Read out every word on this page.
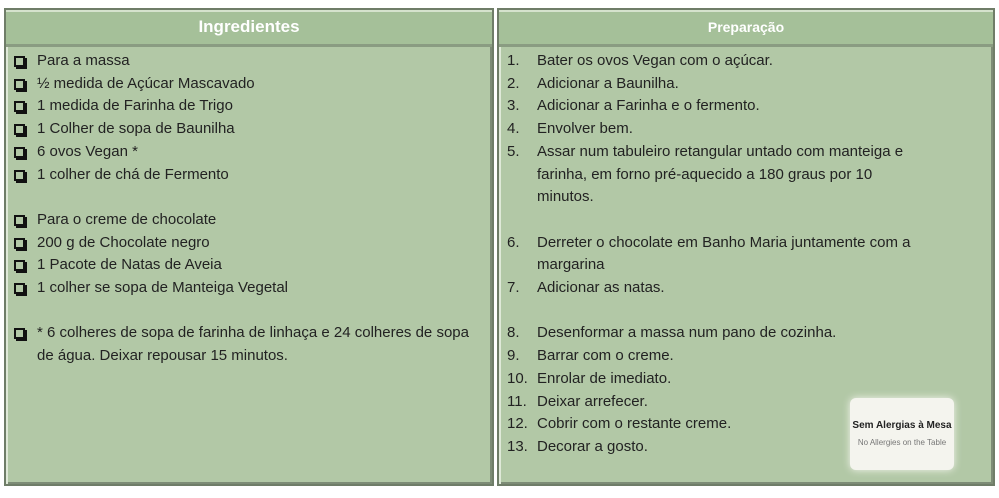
Ingredientes
Para a massa
½ medida de Açúcar Mascavado
1 medida de Farinha de Trigo
1 Colher de sopa de Baunilha
6 ovos Vegan *
1 colher de chá de Fermento
Para o creme de chocolate
200 g de Chocolate negro
1 Pacote de Natas de Aveia
1 colher se sopa de Manteiga Vegetal
* 6 colheres de sopa de farinha de linhaça e 24 colheres de sopa de água. Deixar repousar 15 minutos.
Preparação
1.	Bater os ovos Vegan com o açúcar.
2.	Adicionar a Baunilha.
3.	Adicionar a Farinha e o fermento.
4.	Envolver bem.
5.	Assar num tabuleiro retangular untado com manteiga e farinha, em forno pré-aquecido a 180 graus por 10 minutos.
6.	Derreter o chocolate em Banho Maria juntamente com a margarina
7.	Adicionar as natas.
8.	Desenformar a massa num pano de cozinha.
9.	Barrar com o creme.
10. Enrolar de imediato.
11. Deixar arrefecer.
12. Cobrir com o restante creme.
13. Decorar a gosto.
Sem Alergias à Mesa
No Allergies on the Table
